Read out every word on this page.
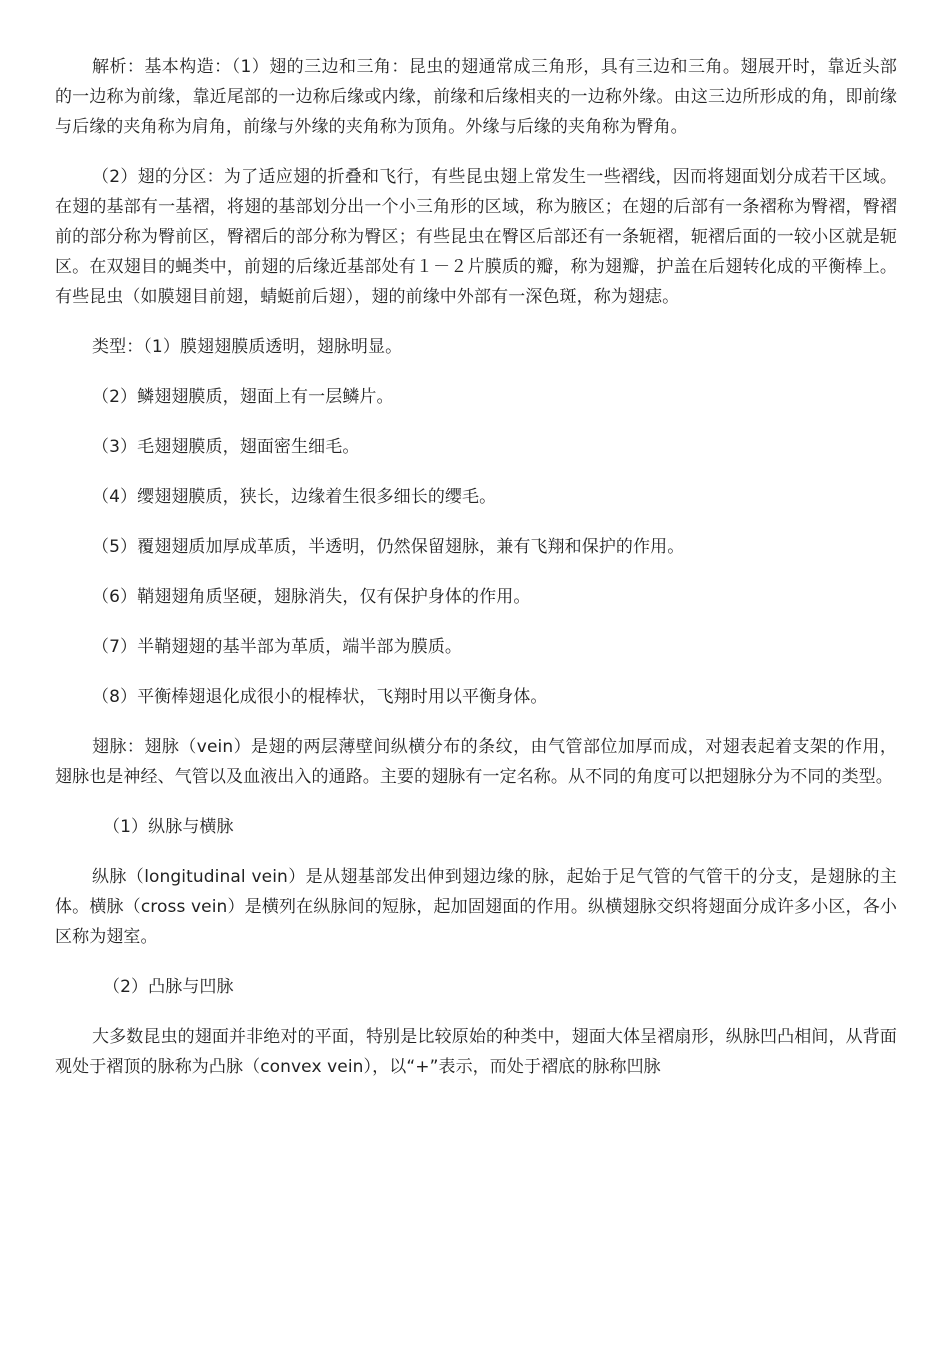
解析：基本构造：（1）翅的三边和三角：昆虫的翅通常成三角形，具有三边和三角。翅展开时，靠近头部的一边称为前缘，靠近尾部的一边称后缘或内缘，前缘和后缘相夹的一边称外缘。由这三边所形成的角，即前缘与后缘的夹角称为肩角，前缘与外缘的夹角称为顶角。外缘与后缘的夹角称为臀角。

（2）翅的分区：为了适应翅的折叠和飞行，有些昆虫翅上常发生一些褶线，因而将翅面划分成若干区域。在翅的基部有一基褶，将翅的基部划分出一个小三角形的区域，称为腋区；在翅的后部有一条褶称为臀褶，臀褶前的部分称为臀前区，臀褶后的部分称为臀区；有些昆虫在臀区后部还有一条轭褶，轭褶后面的一较小区就是轭区。在双翅目的蝇类中，前翅的后缘近基部处有１－２片膜质的瓣，称为翅瓣，护盖在后翅转化成的平衡棒上。有些昆虫（如膜翅目前翅，蜻蜓前后翅），翅的前缘中外部有一深色斑，称为翅痣。

类型：（1）膜翅翅膜质透明，翅脉明显。

（2）鳞翅翅膜质，翅面上有一层鳞片。

（3）毛翅翅膜质，翅面密生细毛。

（4）缨翅翅膜质，狭长，边缘着生很多细长的缨毛。

（5）覆翅翅质加厚成革质，半透明，仍然保留翅脉，兼有飞翔和保护的作用。

（6）鞘翅翅角质坚硬，翅脉消失，仅有保护身体的作用。

（7）半鞘翅翅的基半部为革质，端半部为膜质。

（8）平衡棒翅退化成很小的棍棒状，飞翔时用以平衡身体。

翅脉：翅脉（vein）是翅的两层薄壁间纵横分布的条纹，由气管部位加厚而成，对翅表起着支架的作用，翅脉也是神经、气管以及血液出入的通路。主要的翅脉有一定名称。从不同的角度可以把翅脉分为不同的类型。

（1）纵脉与横脉

纵脉（longitudinal vein）是从翅基部发出伸到翅边缘的脉，起始于足气管的气管干的分支，是翅脉的主体。横脉（cross vein）是横列在纵脉间的短脉，起加固翅面的作用。纵横翅脉交织将翅面分成许多小区，各小区称为翅室。

（2）凸脉与凹脉

大多数昆虫的翅面并非绝对的平面，特别是比较原始的种类中，翅面大体呈褶扇形，纵脉凹凸相间，从背面观处于褶顶的脉称为凸脉（convex vein），以“+”表示，而处于褶底的脉称凹脉
